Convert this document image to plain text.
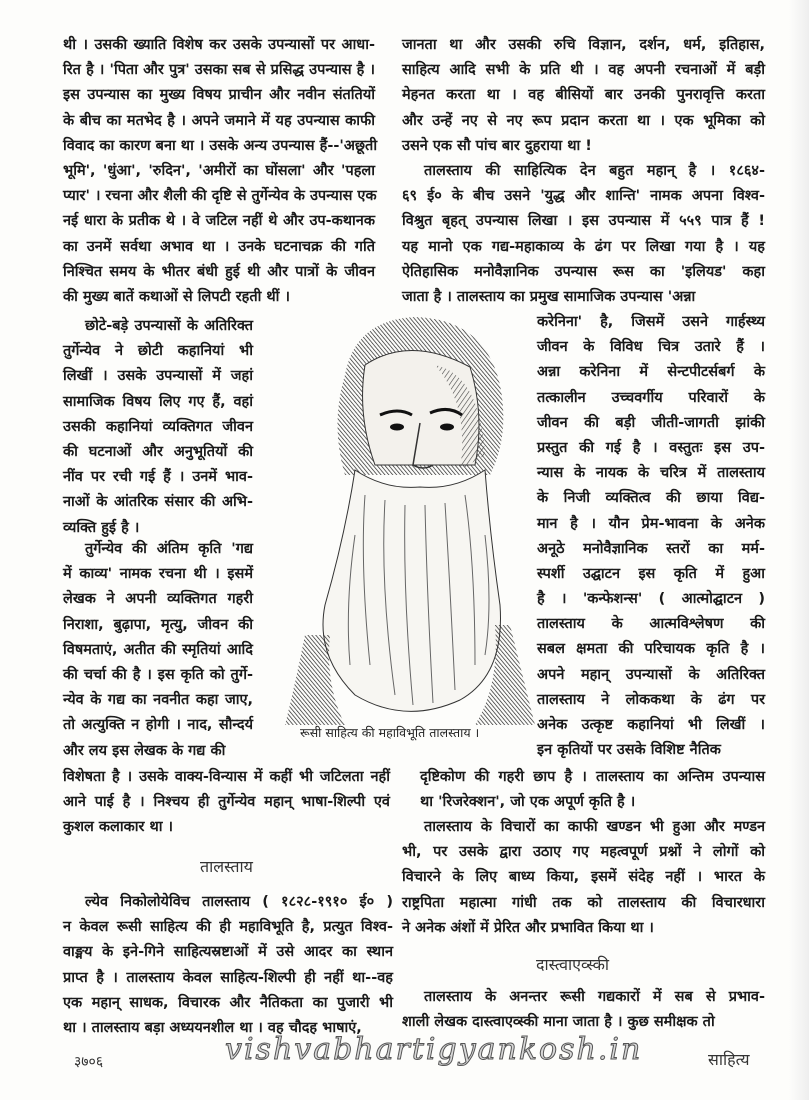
थी । उसकी ख्याति विशेष कर उसके उपन्यासों पर आधा-
रित है । 'पिता और पुत्र' उसका सब से प्रसिद्ध उपन्यास है ।
इस उपन्यास का मुख्य विषय प्राचीन और नवीन संततियों
के बीच का मतभेद है । अपने जमाने में यह उपन्यास काफी
विवाद का कारण बना था । उसके अन्य उपन्यास हैं--'अछूती
भूमि', 'धुंआ', 'रुदिन', 'अमीरों का घोंसला' और 'पहला
प्यार' । रचना और शैली की दृष्टि से तुर्गेन्येव के उपन्यास एक
नई धारा के प्रतीक थे । वे जटिल नहीं थे और उप-कथानक
का उनमें सर्वथा अभाव था । उनके घटनाचक्र की गति
निश्चित समय के भीतर बंधी हुई थी और पात्रों के जीवन
की मुख्य बातें कथाओं से लिपटी रहती थीं ।
जानता था और उसकी रुचि विज्ञान, दर्शन, धर्म, इतिहास,
साहित्य आदि सभी के प्रति थी । वह अपनी रचनाओं में बड़ी
मेहनत करता था । वह बीसियों बार उनकी पुनरावृत्ति करता
और उन्हें नए से नए रूप प्रदान करता था । एक भूमिका को
उसने एक सौ पांच बार दुहराया था !
तालस्ताय की साहित्यिक देन बहुत महान् है । १८६४-
६९ ई० के बीच उसने 'युद्ध और शान्ति' नामक अपना विश्व-
विश्रुत बृहत् उपन्यास लिखा । इस उपन्यास में ५५९ पात्र हैं !
यह मानो एक गद्य-महाकाव्य के ढंग पर लिखा गया है । यह
ऐतिहासिक मनोवैज्ञानिक उपन्यास रूस का 'इलियड' कहा
जाता है । तालस्ताय का प्रमुख सामाजिक उपन्यास 'अन्ना
करेनिना' है, जिसमें उसने गार्हस्थ्य
जीवन के विविध चित्र उतारे हैं ।
अन्ना करेनिना में सेन्टपीटर्सबर्ग के
तत्कालीन उच्चवर्गीय परिवारों के
जीवन की बड़ी जीती-जागती झांकी
प्रस्तुत की गई है । वस्तुतः इस उप-
न्यास के नायक के चरित्र में तालस्ताय
के निजी व्यक्तित्व की छाया विद्य-
मान है । यौन प्रेम-भावना के अनेक
अनूठे मनोवैज्ञानिक स्तरों का मर्म-
स्पर्शी उद्घाटन इस कृति में हुआ
है । 'कन्फेशन्स' ( आत्मोद्घाटन )
तालस्ताय के आत्मविश्लेषण की
सबल क्षमता की परिचायक कृति है ।
अपने महान् उपन्यासों के अतिरिक्त
तालस्ताय ने लोककथा के ढंग पर
अनेक उत्कृष्ट कहानियां भी लिखीं ।
इन कृतियों पर उसके विशिष्ट नैतिक
छोटे-बड़े उपन्यासों के अतिरिक्त
तुर्गेन्येव ने छोटी कहानियां भी
लिखीं । उसके उपन्यासों में जहां
सामाजिक विषय लिए गए हैं, वहां
उसकी कहानियां व्यक्तिगत जीवन
की घटनाओं और अनुभूतियों की
नींव पर रची गई हैं । उनमें भाव-
नाओं के आंतरिक संसार की अभि-
व्यक्ति हुई है ।
तुर्गेन्येव की अंतिम कृति 'गद्य
में काव्य' नामक रचना थी । इसमें
लेखक ने अपनी व्यक्तिगत गहरी
निराशा, बुढ़ापा, मृत्यु, जीवन की
विषमताएं, अतीत की स्मृतियां आदि
की चर्चा की है । इस कृति को तुर्गे-
न्येव के गद्य का नवनीत कहा जाए,
तो अत्युक्ति न होगी । नाद, सौन्दर्य
और लय इस लेखक के गद्य की
विशेषता है । उसके वाक्य-विन्यास में कहीं भी जटिलता नहीं
आने पाई है । निश्चय ही तुर्गेन्येव महान् भाषा-शिल्पी एवं
कुशल कलाकार था ।
तालस्ताय
ल्येव निकोलोयेविच तालस्ताय ( १८२८-१९१० ई० )
न केवल रूसी साहित्य की ही महाविभूति है, प्रत्युत विश्व-
वाङ्मय के इने-गिने साहित्यस्रष्टाओं में उसे आदर का स्थान
प्राप्त है । तालस्ताय केवल साहित्य-शिल्पी ही नहीं था--वह
एक महान् साधक, विचारक और नैतिकता का पुजारी भी
था । तालस्ताय बड़ा अध्ययनशील था । वह चौदह भाषाएं,
दृष्टिकोण की गहरी छाप है । तालस्ताय का अन्तिम उपन्यास
था 'रिजरेक्शन', जो एक अपूर्ण कृति है ।
तालस्ताय के विचारों का काफी खण्डन भी हुआ और मण्डन
भी, पर उसके द्वारा उठाए गए महत्वपूर्ण प्रश्नों ने लोगों को
विचारने के लिए बाध्य किया, इसमें संदेह नहीं । भारत के
राष्ट्रपिता महात्मा गांधी तक को तालस्ताय की विचारधारा
ने अनेक अंशों में प्रेरित और प्रभावित किया था ।
दास्त्वाएव्स्की
तालस्ताय के अनन्तर रूसी गद्यकारों में सब से प्रभाव-
शाली लेखक दास्त्वाएव्स्की माना जाता है । कुछ समीक्षक तो
रूसी साहित्य की महाविभूति तालस्ताय ।
३७०६	साहित्य
vishvabhartigyankosh.in
